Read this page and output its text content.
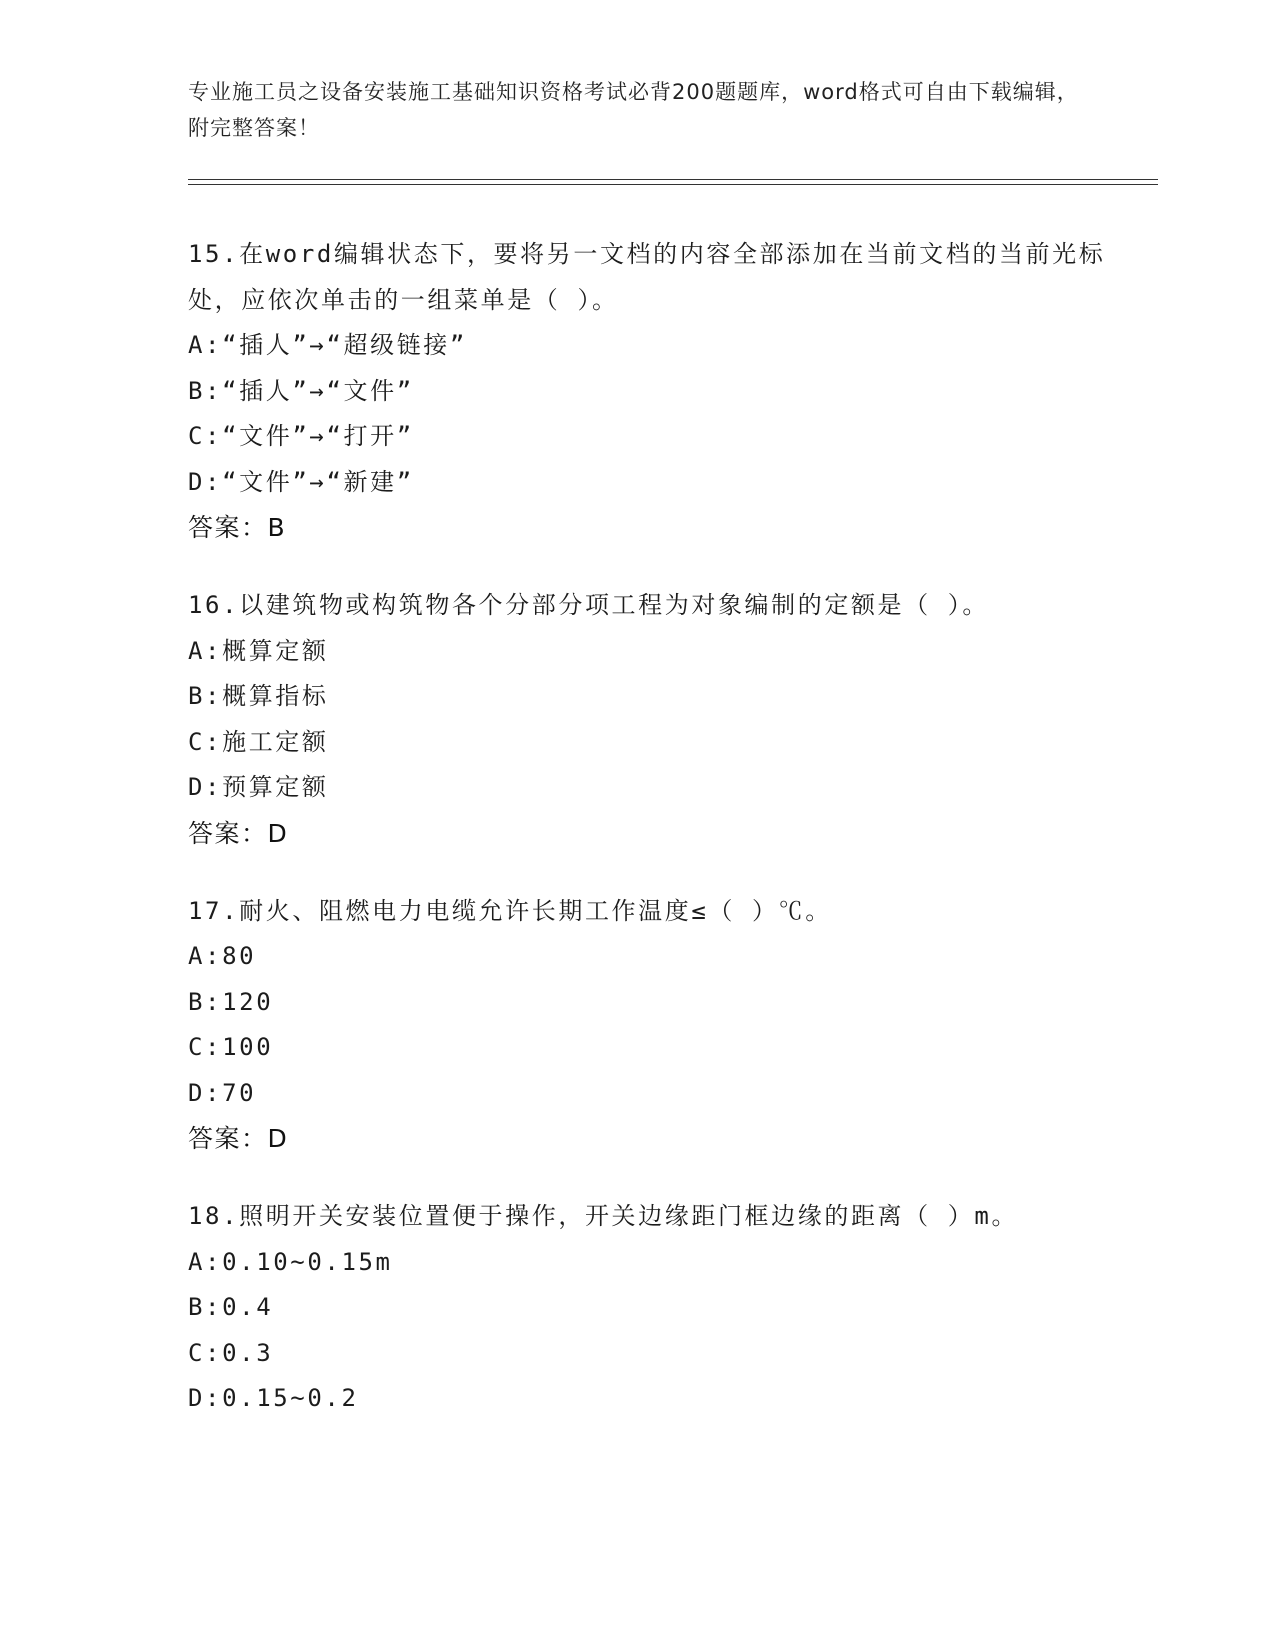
专业施工员之设备安装施工基础知识资格考试必背200题题库，word格式可自由下载编辑，附完整答案！
15.在word编辑状态下，要将另一文档的内容全部添加在当前文档的当前光标处，应依次单击的一组菜单是（ ）。
A:“插人”→“超级链接”
B:“插人”→“文件”
C:“文件”→“打开”
D:“文件”→“新建”
答案：B
16.以建筑物或构筑物各个分部分项工程为对象编制的定额是（ ）。
A:概算定额
B:概算指标
C:施工定额
D:预算定额
答案：D
17.耐火、阻燃电力电缆允许长期工作温度≤（ ）℃。
A:80
B:120
C:100
D:70
答案：D
18.照明开关安装位置便于操作，开关边缘距门框边缘的距离（ ）m。
A:0.10~0.15m
B:0.4
C:0.3
D:0.15~0.2
